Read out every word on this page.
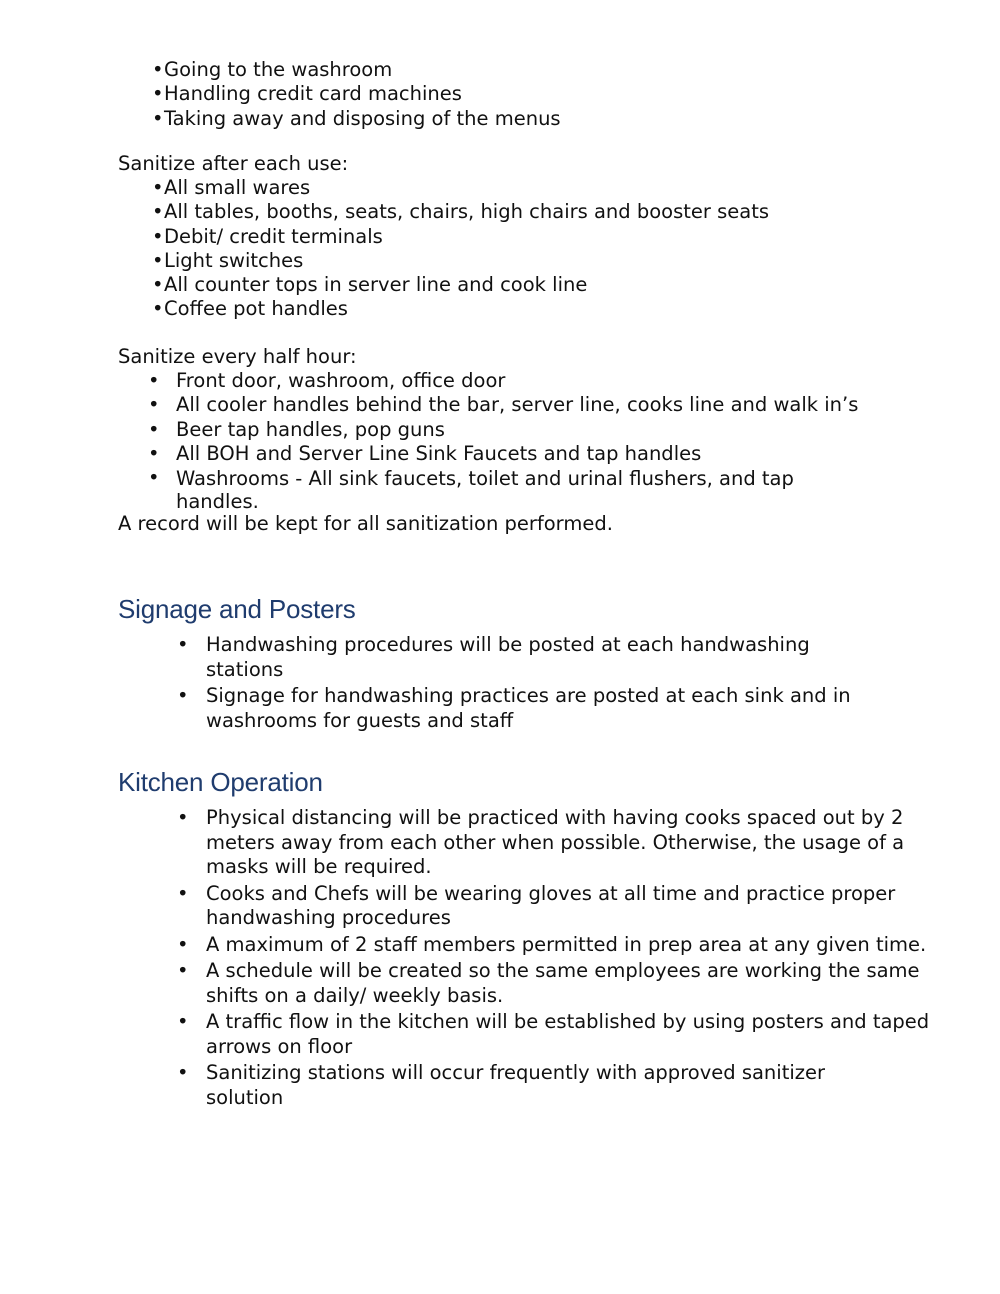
• Going to the washroom
• Handling credit card machines
• Taking away and disposing of the menus

Sanitize after each use:

• All small wares
• All tables, booths, seats, chairs, high chairs and booster seats
• Debit/ credit terminals
• Light switches
• All counter tops in server line and cook line
• Coffee pot handles

Sanitize every half hour:

• Front door, washroom, office door
• All cooler handles behind the bar, server line, cooks line and walk in’s
• Beer tap handles, pop guns
• All BOH and Server Line Sink Faucets and tap handles
• Washrooms - All sink faucets, toilet and urinal flushers, and tap handles.

A record will be kept for all sanitization performed.

Signage and Posters
• Handwashing procedures will be posted at each handwashing stations
• Signage for handwashing practices are posted at each sink and in washrooms for guests and staff
Kitchen Operation
• Physical distancing will be practiced with having cooks spaced out by 2 meters away from each other when possible. Otherwise, the usage of a masks will be required.
• Cooks and Chefs will be wearing gloves at all time and practice proper handwashing procedures
• A maximum of 2 staff members permitted in prep area at any given time.
• A schedule will be created so the same employees are working the same shifts on a daily/ weekly basis.
• A traffic flow in the kitchen will be established by using posters and taped arrows on floor
• Sanitizing stations will occur frequently with approved sanitizer solution
